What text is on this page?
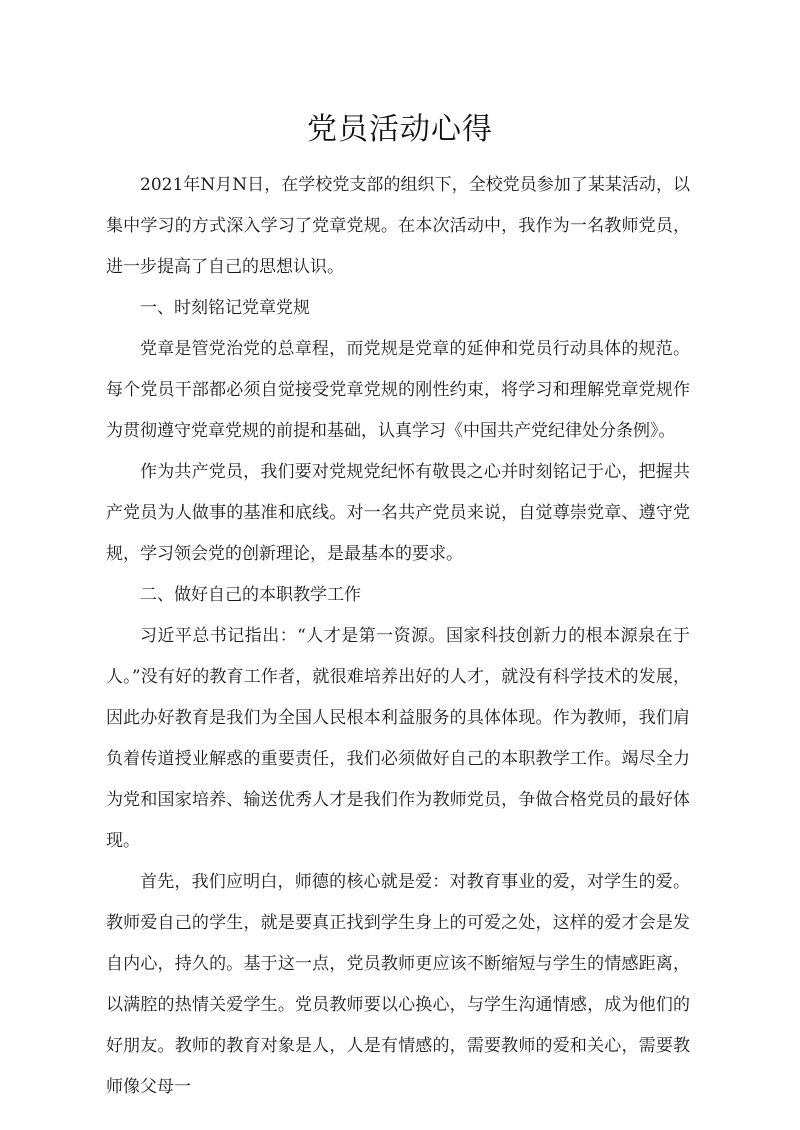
党员活动心得

2021年N月N日，在学校党支部的组织下，全校党员参加了某某活动，以集中学习的方式深入学习了党章党规。在本次活动中，我作为一名教师党员，进一步提高了自己的思想认识。

一、时刻铭记党章党规

党章是管党治党的总章程，而党规是党章的延伸和党员行动具体的规范。每个党员干部都必须自觉接受党章党规的刚性约束，将学习和理解党章党规作为贯彻遵守党章党规的前提和基础，认真学习《中国共产党纪律处分条例》。

作为共产党员，我们要对党规党纪怀有敬畏之心并时刻铭记于心，把握共产党员为人做事的基准和底线。对一名共产党员来说，自觉尊崇党章、遵守党规，学习领会党的创新理论，是最基本的要求。

二、做好自己的本职教学工作

习近平总书记指出：“人才是第一资源。国家科技创新力的根本源泉在于人。”没有好的教育工作者，就很难培养出好的人才，就没有科学技术的发展，因此办好教育是我们为全国人民根本利益服务的具体体现。作为教师，我们肩负着传道授业解惑的重要责任，我们必须做好自己的本职教学工作。竭尽全力为党和国家培养、输送优秀人才是我们作为教师党员，争做合格党员的最好体现。

首先，我们应明白，师德的核心就是爱：对教育事业的爱，对学生的爱。教师爱自己的学生，就是要真正找到学生身上的可爱之处，这样的爱才会是发自内心，持久的。基于这一点，党员教师更应该不断缩短与学生的情感距离，以满腔的热情关爱学生。党员教师要以心换心，与学生沟通情感，成为他们的好朋友。教师的教育对象是人，人是有情感的，需要教师的爱和关心，需要教师像父母一
